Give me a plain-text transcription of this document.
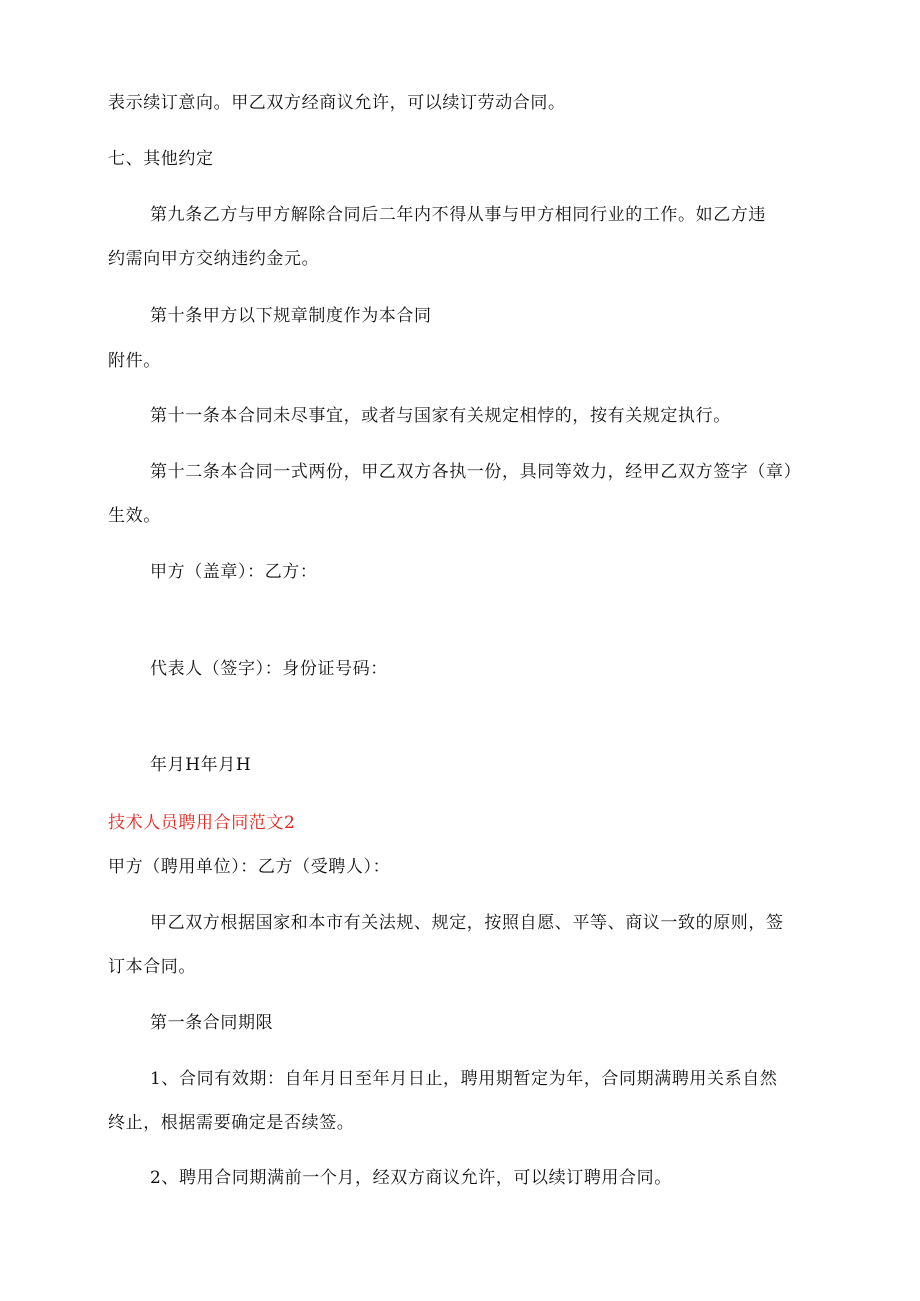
表示续订意向。甲乙双方经商议允许，可以续订劳动合同。
七、其他约定
第九条乙方与甲方解除合同后二年内不得从事与甲方相同行业的工作。如乙方违
约需向甲方交纳违约金元。
第十条甲方以下规章制度作为本合同
附件。
第十一条本合同未尽事宜，或者与国家有关规定相悖的，按有关规定执行。
第十二条本合同一式两份，甲乙双方各执一份，具同等效力，经甲乙双方签字（章）
生效。
甲方（盖章）：乙方：
代表人（签字）：身份证号码：
年月H年月H
技术人员聘用合同范文2
甲方（聘用单位）：乙方（受聘人）：
甲乙双方根据国家和本市有关法规、规定，按照自愿、平等、商议一致的原则，签
订本合同。
第一条合同期限
1、合同有效期：自年月日至年月日止，聘用期暂定为年，合同期满聘用关系自然
终止，根据需要确定是否续签。
2、聘用合同期满前一个月，经双方商议允许，可以续订聘用合同。
